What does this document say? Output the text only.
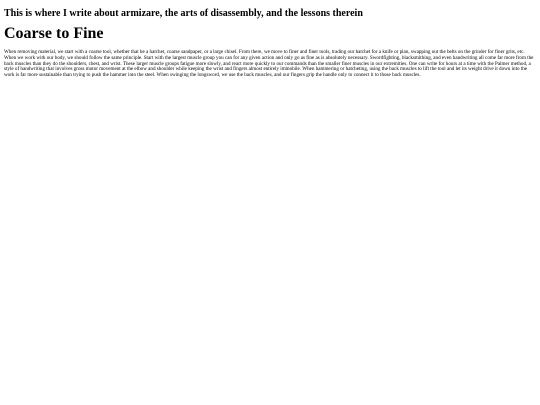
This is where I write about armizare, the arts of disassembly, and the lessons therein
Coarse to Fine

When removing material, we start with a coarse tool, whether that be a hatchet, coarse sandpaper, or a large chisel. From there, we move to finer and finer tools, trading our hatchet for a knife or plan, swapping out the belts on the grinder for finer grits, etc. When we work with our body, we should follow the same principle. Start with the largest muscle group you can for any given action and only go as fine as is absolutely necessary. Swordfighting, blacksmithing, and even handwriting all come far more from the back muscles than they do the shoulders, chest, and wrist. These larger muscle groups fatigue more slowly, and react more quickly to our commands than the smaller finer muscles in our extremities. One can write for hours at a time with the Palmer method, a style of handwriting that involves gross motor movement at the elbow and shoulder while keeping the wrist and fingers almost entirely immobile. When hammering or hatcheting, using the back muscles to lift the tool and let its weight drive it down into the work is far more sustainable than trying to push the hammer into the steel. When swinging the longsword, we use the back muscles, and our fingers grip the handle only to connect it to those back muscles.
